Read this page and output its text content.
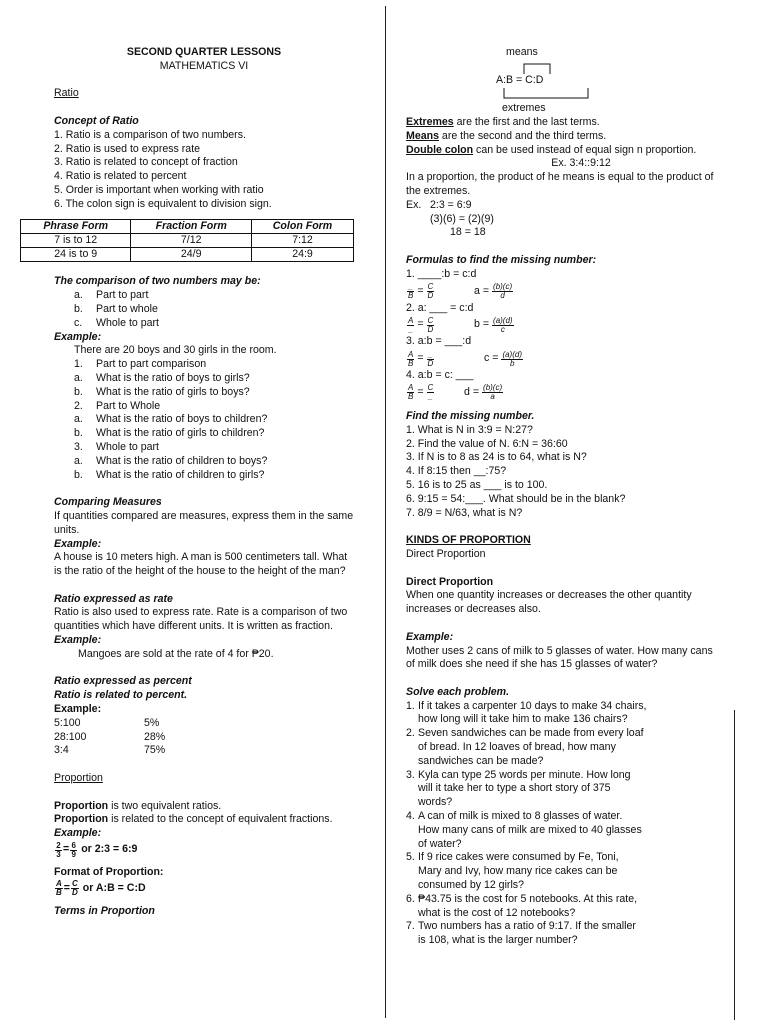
SECOND QUARTER LESSONS
MATHEMATICS VI
Ratio
Concept of Ratio
1. Ratio is a comparison of two numbers.
2. Ratio is used to express rate
3. Ratio is related to concept of fraction
4. Ratio is related to percent
5. Order is important when working with ratio
6. The colon sign is equivalent to division sign.
Phrase Form	Fraction Form	Colon Form
7 is to 12	7/12	7:12
24 is to 9	24/9	24:9
The comparison of two numbers may be:
a.	Part to part
b.	Part to whole
c.	Whole to part
Example:
There are 20 boys and 30 girls in the room.
1.	Part to part comparison
a.	What is the ratio of boys to girls?
b.	What is the ratio of girls to boys?
2.	Part to Whole
a.	What is the ratio of boys to children?
b.	What is the ratio of girls to children?
3.	Whole to part
a.	What is the ratio of children to boys?
b.	What is the ratio of children to girls?
Comparing Measures
If quantities compared are measures, express them in the same units.
Example:
A house is 10 meters high. A man is 500 centimeters tall. What is the ratio of the height of the house to the height of the man?
Ratio expressed as rate
Ratio is also used to express rate. Rate is a comparison of two quantities which have different units. It is written as fraction.
Example:
Mangoes are sold at the rate of 4 for ₱20.
Ratio expressed as percent
Ratio is related to percent.
Example:
5:100	5%
28:100	28%
3:4	75%
Proportion
Proportion is two equivalent ratios.
Proportion is related to the concept of equivalent fractions.
Example:
$\frac{2}{3} = \frac{6}{9}$ or 2:3 = 6:9
Format of Proportion:
$\frac{A}{B} = \frac{C}{D}$ or A:B = C:D
Terms in Proportion
means
A:B = C:D
extremes
Extremes are the first and the last terms.
Means are the second and the third terms.
Double colon can be used instead of equal sign n proportion.
Ex. 3:4::9:12
In a proportion, the product of he means is equal to the product of the extremes.
Ex. 2:3 = 6:9
(3)(6) = (2)(9)
18 = 18
Formulas to find the missing number:
1. ____:b = c:d
$\frac{\_}{B} = \frac{C}{D}$	$a = \frac{(b)(c)}{d}$
2. a: ___ = c:d
$\frac{A}{\_} = \frac{C}{D}$	$b = \frac{(a)(d)}{c}$
3. a:b = ___:d
$\frac{A}{B} = \frac{\_}{D}$	$c = \frac{(a)(d)}{b}$
4. a:b = c: ___
$\frac{A}{B} = \frac{C}{\_}$	$d = \frac{(b)(c)}{a}$
Find the missing number.
1. What is N in 3:9 = N:27?
2. Find the value of N. 6:N = 36:60
3. If N is to 8 as 24 is to 64, what is N?
4. If 8:15 then __:75?
5. 16 is to 25 as ___ is to 100.
6. 9:15 = 54:___. What should be in the blank?
7. 8/9 = N/63, what is N?
KINDS OF PROPORTION
Direct Proportion
Direct Proportion
When one quantity increases or decreases the other quantity increases or decreases also.
Example:
Mother uses 2 cans of milk to 5 glasses of water. How many cans of milk does she need if she has 15 glasses of water?
Solve each problem.
1. If it takes a carpenter 10 days to make 34 chairs,
how long will it take him to make 136 chairs?
2. Seven sandwiches can be made from every loaf
of bread. In 12 loaves of bread, how many
sandwiches can be made?
3. Kyla can type 25 words per minute. How long
will it take her to type a short story of 375
words?
4. A can of milk is mixed to 8 glasses of water.
How many cans of milk are mixed to 40 glasses
of water?
5. If 9 rice cakes were consumed by Fe, Toni,
Mary and Ivy, how many rice cakes can be
consumed by 12 girls?
6. ₱43.75 is the cost for 5 notebooks. At this rate,
what is the cost of 12 notebooks?
7. Two numbers has a ratio of 9:17. If the smaller
is 108, what is the larger number?
